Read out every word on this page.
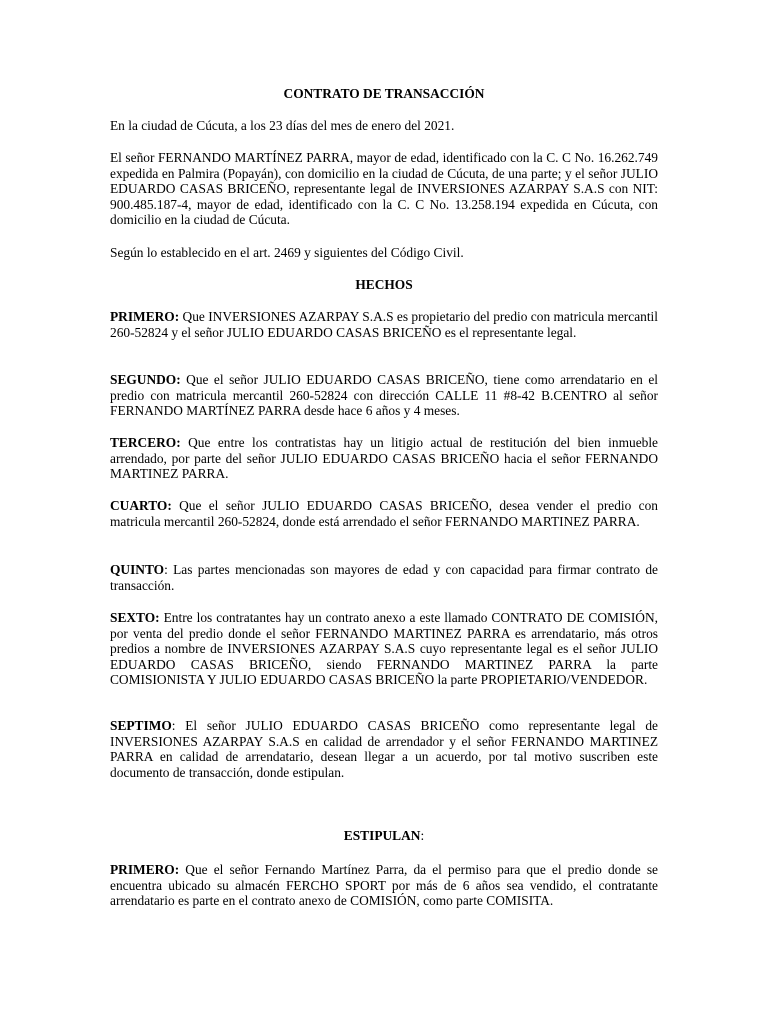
CONTRATO DE TRANSACCIÓN

En la ciudad de Cúcuta, a los 23 días del mes de enero del 2021.

El señor FERNANDO MARTÍNEZ PARRA, mayor de edad, identificado con la C. C No. 16.262.749 expedida en Palmira (Popayán), con domicilio en la ciudad de Cúcuta, de una parte; y el señor JULIO EDUARDO CASAS BRICEÑO, representante legal de INVERSIONES AZARPAY S.A.S con NIT: 900.485.187-4, mayor de edad, identificado con la C. C No. 13.258.194 expedida en Cúcuta, con domicilio en la ciudad de Cúcuta.

Según lo establecido en el art. 2469 y siguientes del Código Civil.

HECHOS

PRIMERO: Que INVERSIONES AZARPAY S.A.S es propietario del predio con matricula mercantil 260-52824 y el señor JULIO EDUARDO CASAS BRICEÑO es el representante legal.

SEGUNDO: Que el señor JULIO EDUARDO CASAS BRICEÑO, tiene como arrendatario en el predio con matricula mercantil 260-52824 con dirección CALLE 11 #8-42 B.CENTRO al señor FERNANDO MARTÍNEZ PARRA desde hace 6 años y 4 meses.

TERCERO: Que entre los contratistas hay un litigio actual de restitución del bien inmueble arrendado, por parte del señor JULIO EDUARDO CASAS BRICEÑO hacia el señor FERNANDO MARTINEZ PARRA.

CUARTO: Que el señor JULIO EDUARDO CASAS BRICEÑO, desea vender el predio con matricula mercantil 260-52824, donde está arrendado el señor FERNANDO MARTINEZ PARRA.

QUINTO: Las partes mencionadas son mayores de edad y con capacidad para firmar contrato de transacción.

SEXTO: Entre los contratantes hay un contrato anexo a este llamado CONTRATO DE COMISIÓN, por venta del predio donde el señor FERNANDO MARTINEZ PARRA es arrendatario, más otros predios a nombre de INVERSIONES AZARPAY S.A.S cuyo representante legal es el señor JULIO EDUARDO CASAS BRICEÑO, siendo FERNANDO MARTINEZ PARRA la parte COMISIONISTA Y JULIO EDUARDO CASAS BRICEÑO la parte PROPIETARIO/VENDEDOR.

SEPTIMO: El señor JULIO EDUARDO CASAS BRICEÑO como representante legal de INVERSIONES AZARPAY S.A.S en calidad de arrendador y el señor FERNANDO MARTINEZ PARRA en calidad de arrendatario, desean llegar a un acuerdo, por tal motivo suscriben este documento de transacción, donde estipulan.

ESTIPULAN:

PRIMERO: Que el señor Fernando Martínez Parra, da el permiso para que el predio donde se encuentra ubicado su almacén FERCHO SPORT por más de 6 años sea vendido, el contratante arrendatario es parte en el contrato anexo de COMISIÓN, como parte COMISITA.
